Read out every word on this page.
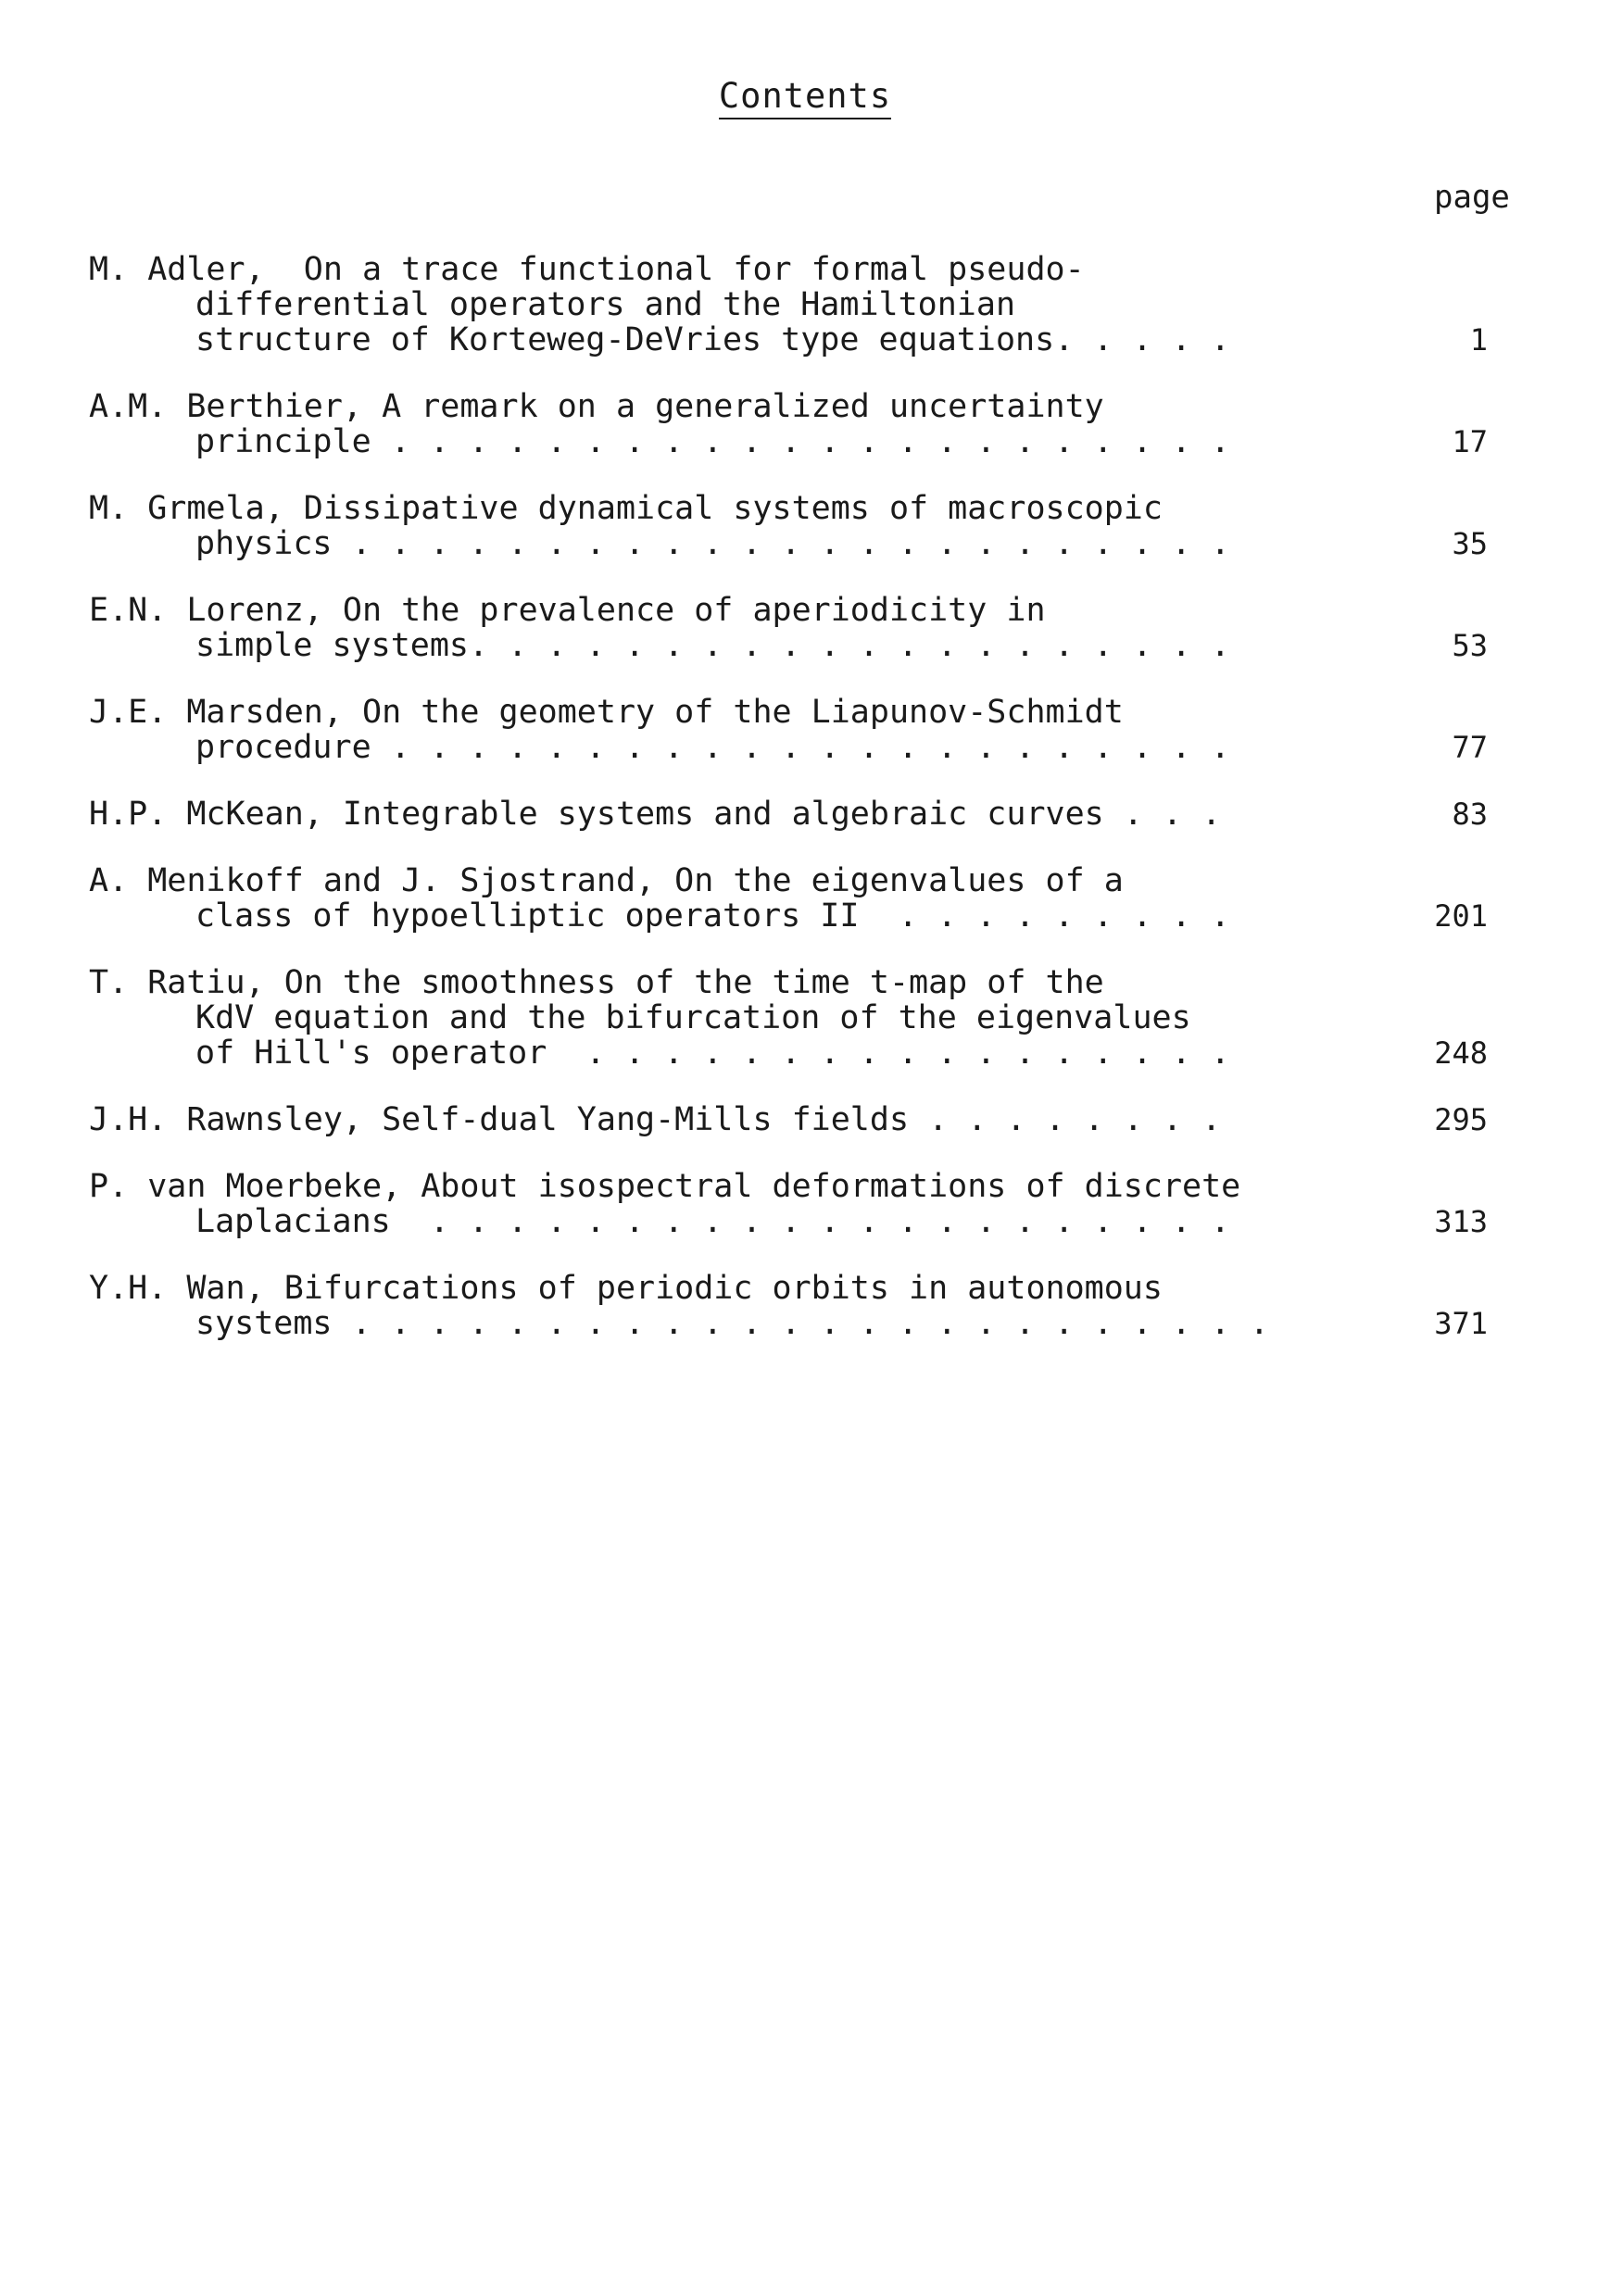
Contents
page
M. Adler,  On a trace functional for formal pseudo-
differential operators and the Hamiltonian
structure of Korteweg-DeVries type equations. . . . .	1
A.M. Berthier, A remark on a generalized uncertainty
principle . . . . . . . . . . . . . . . . . . . . . .	17
M. Grmela, Dissipative dynamical systems of macroscopic
physics . . . . . . . . . . . . . . . . . . . . . . .	35
E.N. Lorenz, On the prevalence of aperiodicity in
simple systems. . . . . . . . . . . . . . . . . . . .	53
J.E. Marsden, On the geometry of the Liapunov-Schmidt
procedure . . . . . . . . . . . . . . . . . . . . . .	77
H.P. McKean, Integrable systems and algebraic curves . . .	83
A. Menikoff and J. Sjostrand, On the eigenvalues of a
class of hypoelliptic operators II  . . . . . . . . .	201
T. Ratiu, On the smoothness of the time t-map of the
KdV equation and the bifurcation of the eigenvalues
of Hill's operator  . . . . . . . . . . . . . . . . .	248
J.H. Rawnsley, Self-dual Yang-Mills fields . . . . . . . .	295
P. van Moerbeke, About isospectral deformations of discrete
Laplacians  . . . . . . . . . . . . . . . . . . . . .	313
Y.H. Wan, Bifurcations of periodic orbits in autonomous
systems . . . . . . . . . . . . . . . . . . . . . . . .	371
